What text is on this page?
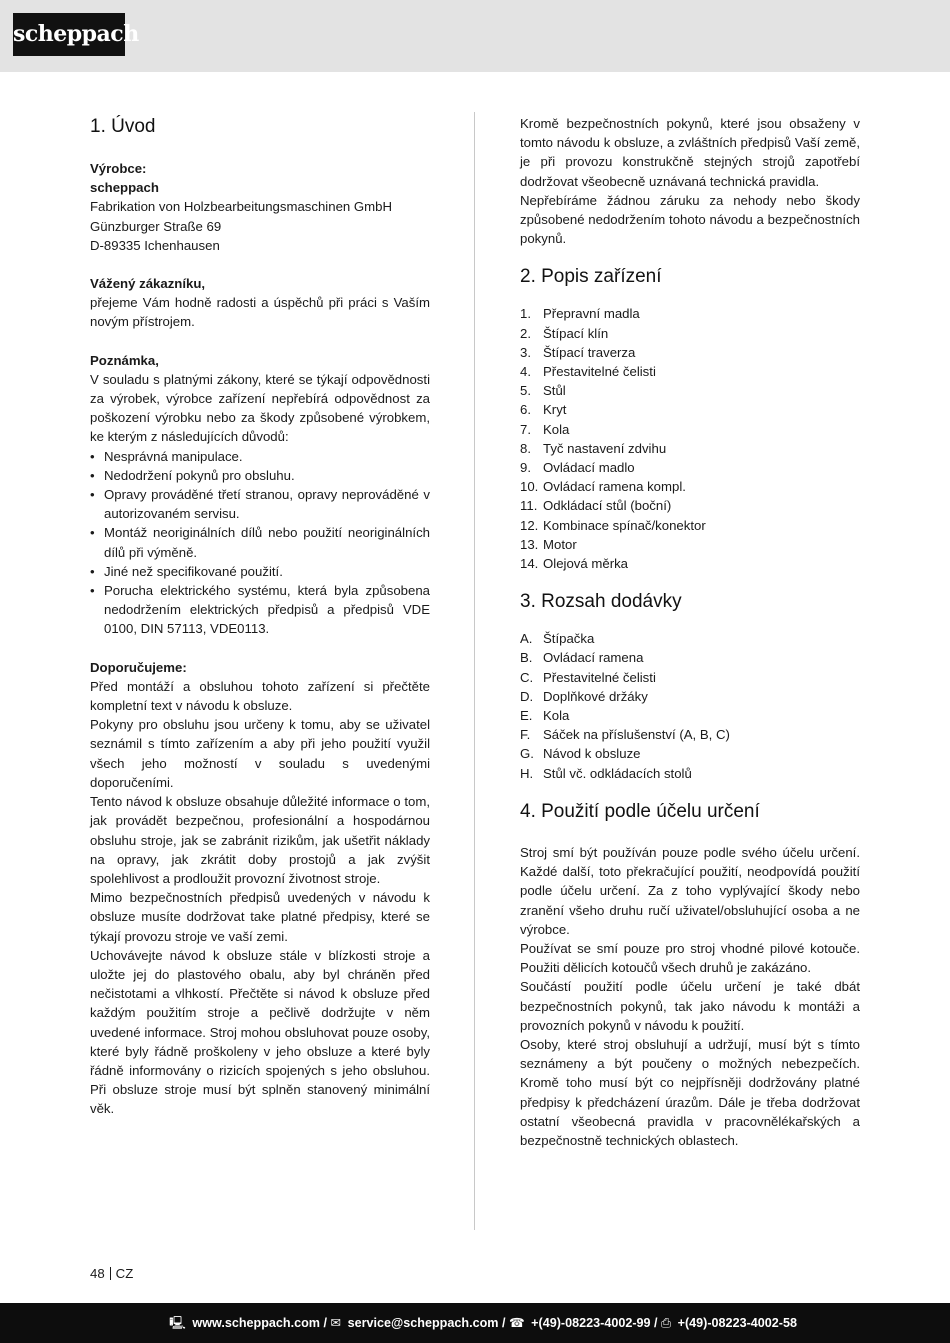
scheppach
1. Úvod
Výrobce:
scheppach
Fabrikation von Holzbearbeitungsmaschinen GmbH
Günzburger Straße 69
D-89335 Ichenhausen
Vážený zákazníku,

přejeme Vám hodně radosti a úspěchů při práci s Vaším novým přístrojem.

Poznámka,

V souladu s platnými zákony, které se týkají odpovědnosti za výrobek, výrobce zařízení nepřebírá odpovědnost za poškození výrobku nebo za škody způsobené výrobkem, ke kterým z následujících důvodů:

• Nesprávná manipulace.
• Nedodržení pokynů pro obsluhu.
• Opravy prováděné třetí stranou, opravy neprováděné v autorizovaném servisu.
• Montáž neoriginálních dílů nebo použití neoriginálních dílů při výměně.
• Jiné než specifikované použití.
• Porucha elektrického systému, která byla způsobena nedodržením elektrických předpisů a předpisů VDE 0100, DIN 57113, VDE0113.
Doporučujeme:

Před montáží a obsluhou tohoto zařízení si přečtěte kompletní text v návodu k obsluze.

Pokyny pro obsluhu jsou určeny k tomu, aby se uživatel seznámil s tímto zařízením a aby při jeho použití využil všech jeho možností v souladu s uvedenými doporučeními.

Tento návod k obsluze obsahuje důležité informace o tom, jak provádět bezpečnou, profesionální a hospodárnou obsluhu stroje, jak se zabránit rizikům, jak ušetřit náklady na opravy, jak zkrátit doby prostojů a jak zvýšit spolehlivost a prodloužit provozní životnost stroje.

Mimo bezpečnostních předpisů uvedených v návodu k obsluze musíte dodržovat take platné předpisy, které se týkají provozu stroje ve vaší zemi.

Uchovávejte návod k obsluze stále v blízkosti stroje a uložte jej do plastového obalu, aby byl chráněn před nečistotami a vlhkostí. Přečtěte si návod k obsluze před každým použitím stroje a pečlivě dodržujte v něm uvedené informace. Stroj mohou obsluhovat pouze osoby, které byly řádně proškoleny v jeho obsluze a které byly řádně informovány o rizicích spojených s jeho obsluhou. Při obsluze stroje musí být splněn stanovený minimální věk.

Kromě bezpečnostních pokynů, které jsou obsaženy v tomto návodu k obsluze, a zvláštních předpisů Vaší země, je při provozu konstrukčně stejných strojů zapotřebí dodržovat všeobecně uznávaná technická pravidla.

Nepřebíráme žádnou záruku za nehody nebo škody způsobené nedodržením tohoto návodu a bezpečnostních pokynů.

2. Popis zařízení
1. Přepravní madla
2. Štípací klín
3. Štípací traverza
4. Přestavitelné čelisti
5. Stůl
6. Kryt
7. Kola
8. Tyč nastavení zdvihu
9. Ovládací madlo
10. Ovládací ramena kompl.
11. Odkládací stůl (boční)
12. Kombinace spínač/konektor
13. Motor
14. Olejová měrka
3. Rozsah dodávky
A. Štípačka
B. Ovládací ramena
C. Přestavitelné čelisti
D. Doplňkové držáky
E. Kola
F. Sáček na příslušenství (A, B, C)
G. Návod k obsluze
H. Stůl vč. odkládacích stolů
4. Použití podle účelu určení

Stroj smí být používán pouze podle svého účelu určení. Každé další, toto překračující použití, neodpovídá použití podle účelu určení. Za z toho vyplývající škody nebo zranění všeho druhu ručí uživatel/obsluhující osoba a ne výrobce.

Používat se smí pouze pro stroj vhodné pilové kotouče. Použiti dělicích kotoučů všech druhů je zakázáno.

Součástí použití podle účelu určení je také dbát bezpečnostních pokynů, tak jako návodu k montáži a provozních pokynů v návodu k použití.

Osoby, které stroj obsluhují a udržují, musí být s tímto seznámeny a být poučeny o možných nebezpečích. Kromě toho musí být co nejpřísněji dodržovány platné předpisy k předcházení úrazům. Dále je třeba dodržovat ostatní všeobecná pravidla v pracovnělékařských a bezpečnostně technických oblastech.

48 CZ
🖳 www.scheppach.com / ✉ service@scheppach.com / ☎ +(49)-08223-4002-99 / ⎙ +(49)-08223-4002-58
